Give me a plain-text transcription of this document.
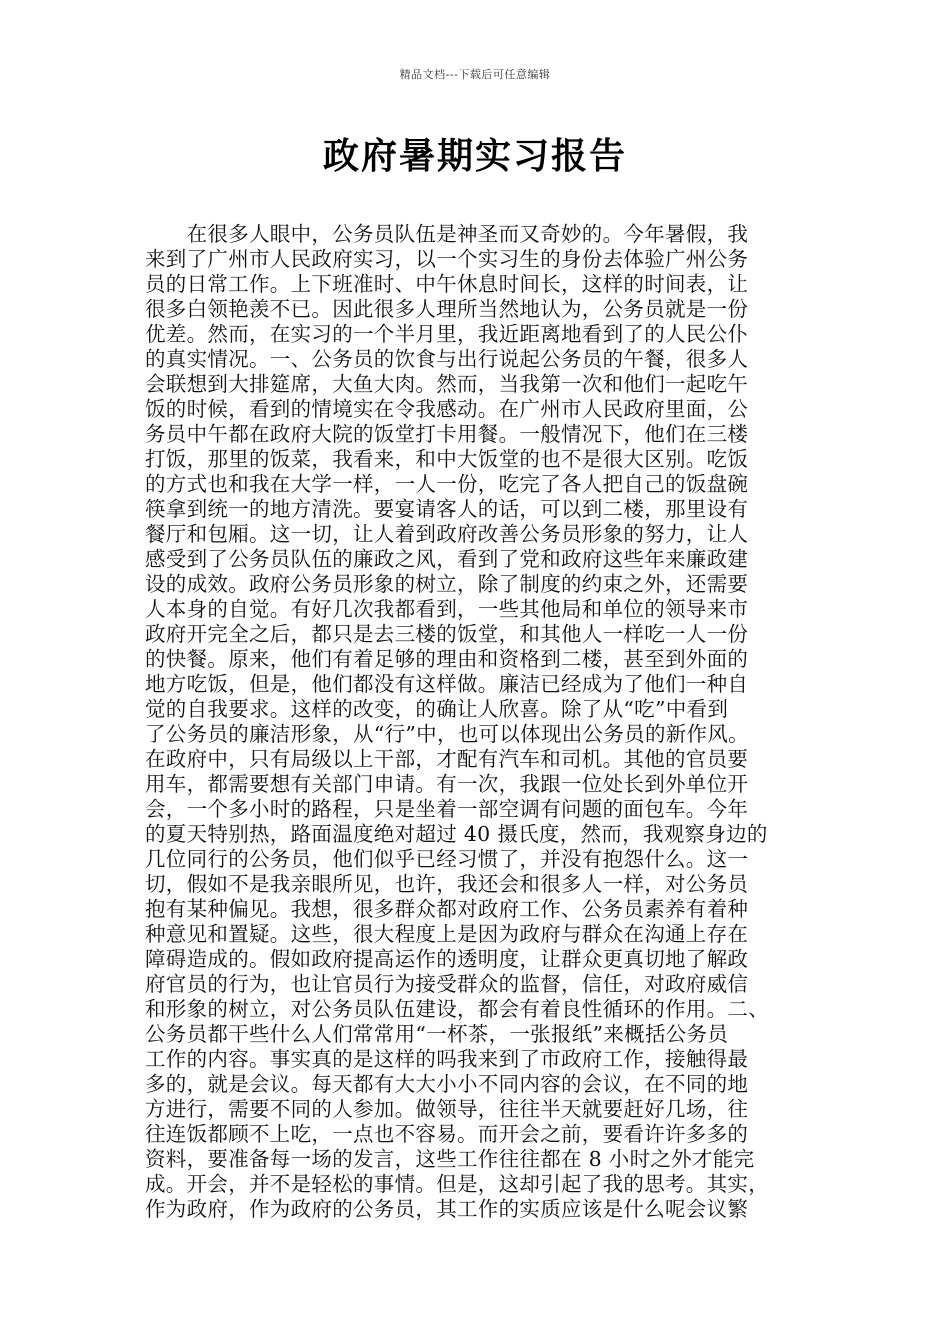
精品文档---下载后可任意编辑
政府暑期实习报告
　　在很多人眼中，公务员队伍是神圣而又奇妙的。今年暑假，我
来到了广州市人民政府实习，以一个实习生的身份去体验广州公务
员的日常工作。上下班准时、中午休息时间长，这样的时间表，让
很多白领艳羡不已。因此很多人理所当然地认为，公务员就是一份
优差。然而，在实习的一个半月里，我近距离地看到了的人民公仆
的真实情况。一、公务员的饮食与出行说起公务员的午餐，很多人
会联想到大排筵席，大鱼大肉。然而，当我第一次和他们一起吃午
饭的时候，看到的情境实在令我感动。在广州市人民政府里面，公
务员中午都在政府大院的饭堂打卡用餐。一般情况下，他们在三楼
打饭，那里的饭菜，我看来，和中大饭堂的也不是很大区别。吃饭
的方式也和我在大学一样，一人一份，吃完了各人把自己的饭盘碗
筷拿到统一的地方清洗。要宴请客人的话，可以到二楼，那里设有
餐厅和包厢。这一切，让人着到政府改善公务员形象的努力，让人
感受到了公务员队伍的廉政之风，看到了党和政府这些年来廉政建
设的成效。政府公务员形象的树立，除了制度的约束之外，还需要
人本身的自觉。有好几次我都看到，一些其他局和单位的领导来市
政府开完全之后，都只是去三楼的饭堂，和其他人一样吃一人一份
的快餐。原来，他们有着足够的理由和资格到二楼，甚至到外面的
地方吃饭，但是，他们都没有这样做。廉洁已经成为了他们一种自
觉的自我要求。这样的改变，的确让人欣喜。除了从“吃”中看到
了公务员的廉洁形象，从“行”中，也可以体现出公务员的新作风。
在政府中，只有局级以上干部，才配有汽车和司机。其他的官员要
用车，都需要想有关部门申请。有一次，我跟一位处长到外单位开
会，一个多小时的路程，只是坐着一部空调有问题的面包车。今年
的夏天特别热，路面温度绝对超过 40 摄氏度，然而，我观察身边的
几位同行的公务员，他们似乎已经习惯了，并没有抱怨什么。这一
切，假如不是我亲眼所见，也许，我还会和很多人一样，对公务员
抱有某种偏见。我想，很多群众都对政府工作、公务员素养有着种
种意见和置疑。这些，很大程度上是因为政府与群众在沟通上存在
障碍造成的。假如政府提高运作的透明度，让群众更真切地了解政
府官员的行为，也让官员行为接受群众的监督，信任，对政府威信
和形象的树立，对公务员队伍建设，都会有着良性循环的作用。二、
公务员都干些什么人们常常用“一杯茶，一张报纸”来概括公务员
工作的内容。事实真的是这样的吗我来到了市政府工作，接触得最
多的，就是会议。每天都有大大小小不同内容的会议，在不同的地
方进行，需要不同的人参加。做领导，往往半天就要赶好几场，往
往连饭都顾不上吃，一点也不容易。而开会之前，要看许许多多的
资料，要准备每一场的发言，这些工作往往都在 8 小时之外才能完
成。开会，并不是轻松的事情。但是，这却引起了我的思考。其实，
作为政府，作为政府的公务员，其工作的实质应该是什么呢会议繁
